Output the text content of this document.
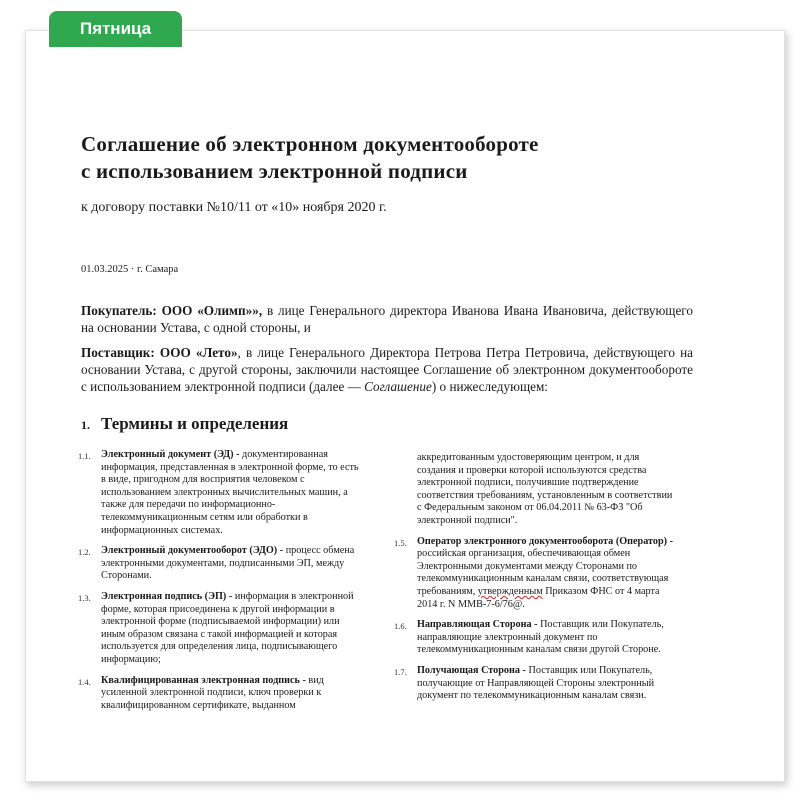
Пятница
Соглашение об электронном документообороте
с использованием электронной подписи

к договору поставки №10/11 от «10» ноября 2020 г.

01.03.2025 · г. Самара

Покупатель: ООО «Олимп»», в лице Генерального директора Иванова Ивана Ивановича, действующего на основании Устава, с одной стороны, и

Поставщик: ООО «Лето», в лице Генерального Директора Петрова Петра Петровича, действующего на основании Устава, с другой стороны, заключили настоящее Соглашение об электронном документообороте с использованием электронной подписи (далее — Соглашение) о нижеследующем:

1. Термины и определения
1.1.	Электронный документ (ЭД) - документированная информация, представленная в электронной форме, то есть в виде, пригодном для восприятия человеком с использованием электронных вычислительных машин, а также для передачи по информационно-телекоммуникационным сетям или обработки в информационных системах.
1.2.	Электронный документооборот (ЭДО) - процесс обмена электронными документами, подписанными ЭП, между Сторонами.
1.3.	Электронная подпись (ЭП) - информация в электронной форме, которая присоединена к другой информации в электронной форме (подписываемой информации) или иным образом связана с такой информацией и которая используется для определения лица, подписывающего информацию;
1.4.	Квалифицированная электронная подпись - вид усиленной электронной подписи, ключ проверки к квалифицированном сертификате, выданном
аккредитованным удостоверяющим центром, и для создания и проверки которой используются средства электронной подписи, получившие подтверждение соответствия требованиям, установленным в соответствии с Федеральным законом от 06.04.2011 № 63-ФЗ "Об электронной подписи".
1.5.	Оператор электронного документооборота (Оператор) - российская организация, обеспечивающая обмен Электронными документами между Сторонами по телекоммуникационным каналам связи, соответствующая требованиям, утвержденным Приказом ФНС от 4 марта 2014 г. N ММВ-7-6/76@.
1.6.	Направляющая Сторона - Поставщик или Покупатель, направляющие электронный документ по телекоммуникационным каналам связи другой Стороне.
1.7.	Получающая Сторона - Поставщик или Покупатель, получающие от Направляющей Стороны электронный документ по телекоммуникационным каналам связи.
